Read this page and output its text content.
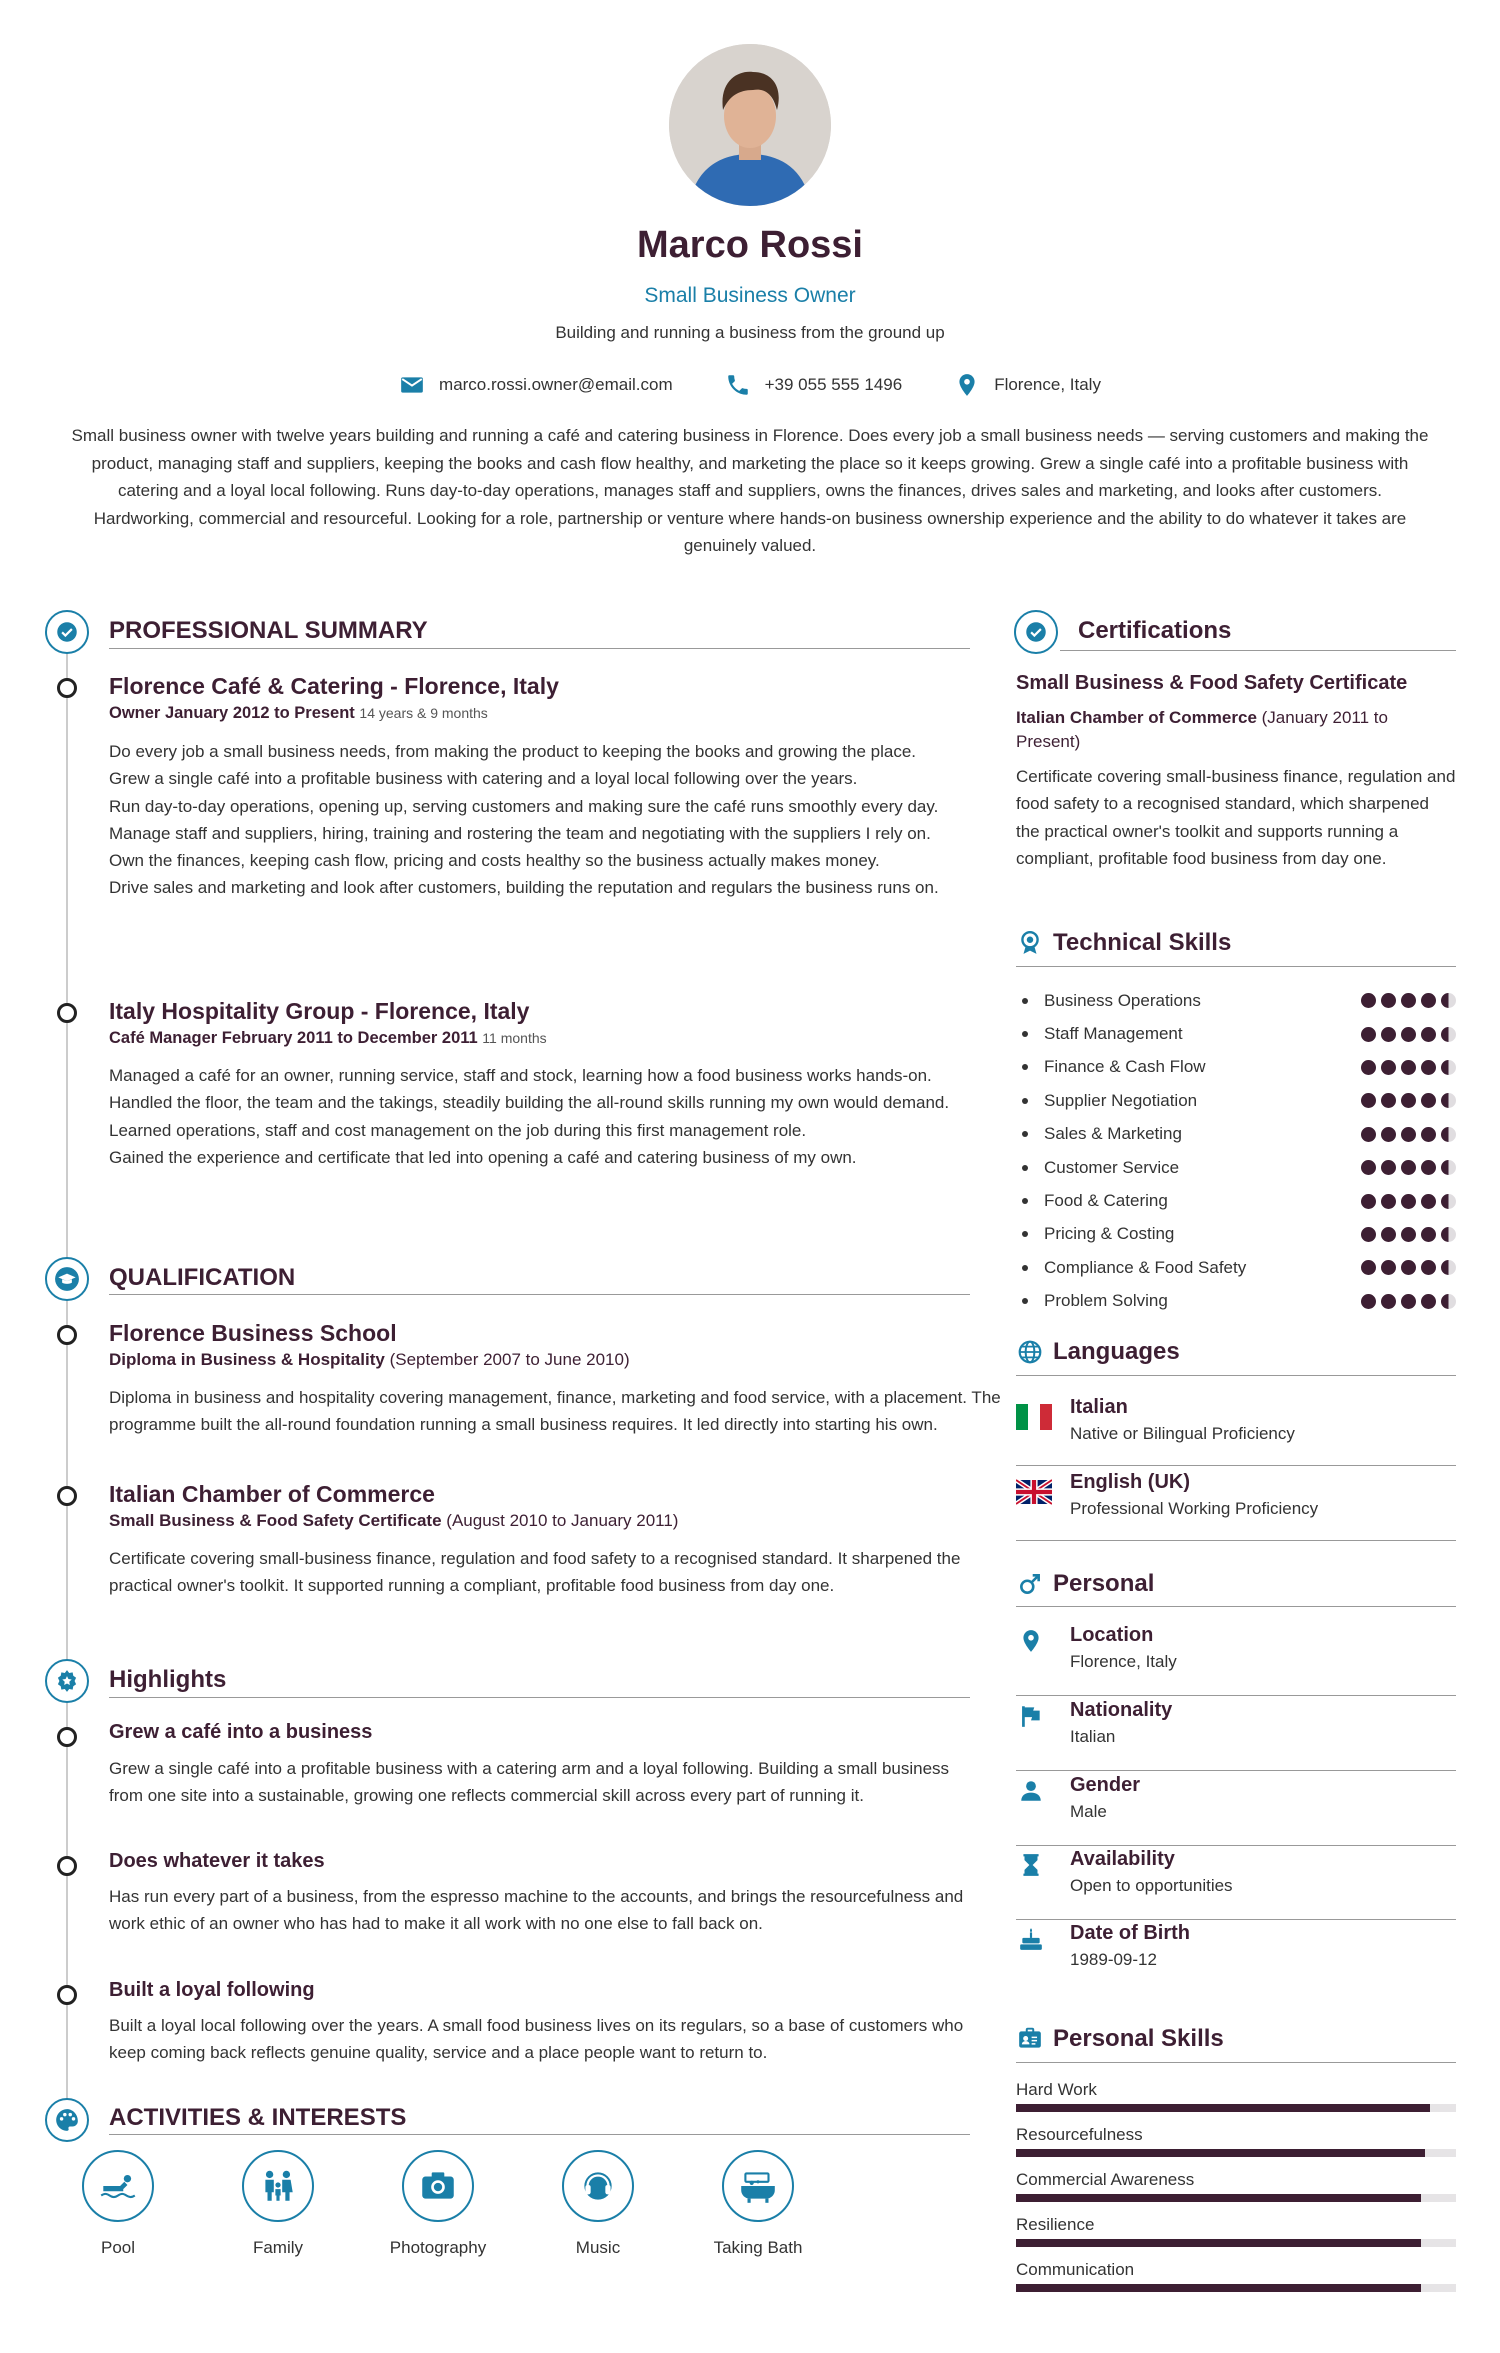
Marco Rossi
Small Business Owner
Building and running a business from the ground up
marco.rossi.owner@email.com	+39 055 555 1496	Florence, Italy
Small business owner with twelve years building and running a café and catering business in Florence. Does every job a small business needs — serving customers and making the product, managing staff and suppliers, keeping the books and cash flow healthy, and marketing the place so it keeps growing. Grew a single café into a profitable business with catering and a loyal local following. Runs day-to-day operations, manages staff and suppliers, owns the finances, drives sales and marketing, and looks after customers. Hardworking, commercial and resourceful. Looking for a role, partnership or venture where hands-on business ownership experience and the ability to do whatever it takes are genuinely valued.
PROFESSIONAL SUMMARY
Florence Café & Catering - Florence, Italy
Owner January 2012 to Present 14 years & 9 months
Do every job a small business needs, from making the product to keeping the books and growing the place.
Grew a single café into a profitable business with catering and a loyal local following over the years.
Run day-to-day operations, opening up, serving customers and making sure the café runs smoothly every day.
Manage staff and suppliers, hiring, training and rostering the team and negotiating with the suppliers I rely on.
Own the finances, keeping cash flow, pricing and costs healthy so the business actually makes money.
Drive sales and marketing and look after customers, building the reputation and regulars the business runs on.
Italy Hospitality Group - Florence, Italy
Café Manager February 2011 to December 2011 11 months
Managed a café for an owner, running service, staff and stock, learning how a food business works hands-on.
Handled the floor, the team and the takings, steadily building the all-round skills running my own would demand.
Learned operations, staff and cost management on the job during this first management role.
Gained the experience and certificate that led into opening a café and catering business of my own.
QUALIFICATION
Florence Business School
Diploma in Business & Hospitality (September 2007 to June 2010)
Diploma in business and hospitality covering management, finance, marketing and food service, with a placement. The programme built the all-round foundation running a small business requires. It led directly into starting his own.
Italian Chamber of Commerce
Small Business & Food Safety Certificate (August 2010 to January 2011)
Certificate covering small-business finance, regulation and food safety to a recognised standard. It sharpened the practical owner's toolkit. It supported running a compliant, profitable food business from day one.
Highlights
Grew a café into a business
Grew a single café into a profitable business with a catering arm and a loyal following. Building a small business from one site into a sustainable, growing one reflects commercial skill across every part of running it.
Does whatever it takes
Has run every part of a business, from the espresso machine to the accounts, and brings the resourcefulness and work ethic of an owner who has had to make it all work with no one else to fall back on.
Built a loyal following
Built a loyal local following over the years. A small food business lives on its regulars, so a base of customers who keep coming back reflects genuine quality, service and a place people want to return to.
ACTIVITIES & INTERESTS
Pool	Family	Photography	Music	Taking Bath
Certifications
Small Business & Food Safety Certificate
Italian Chamber of Commerce (January 2011 to Present)
Certificate covering small-business finance, regulation and food safety to a recognised standard, which sharpened the practical owner's toolkit and supports running a compliant, profitable food business from day one.
Technical Skills
Business Operations
Staff Management
Finance & Cash Flow
Supplier Negotiation
Sales & Marketing
Customer Service
Food & Catering
Pricing & Costing
Compliance & Food Safety
Problem Solving
Languages
Italian
Native or Bilingual Proficiency
English (UK)
Professional Working Proficiency
Personal
Location
Florence, Italy
Nationality
Italian
Gender
Male
Availability
Open to opportunities
Date of Birth
1989-09-12
Personal Skills
Hard Work
Resourcefulness
Commercial Awareness
Resilience
Communication
